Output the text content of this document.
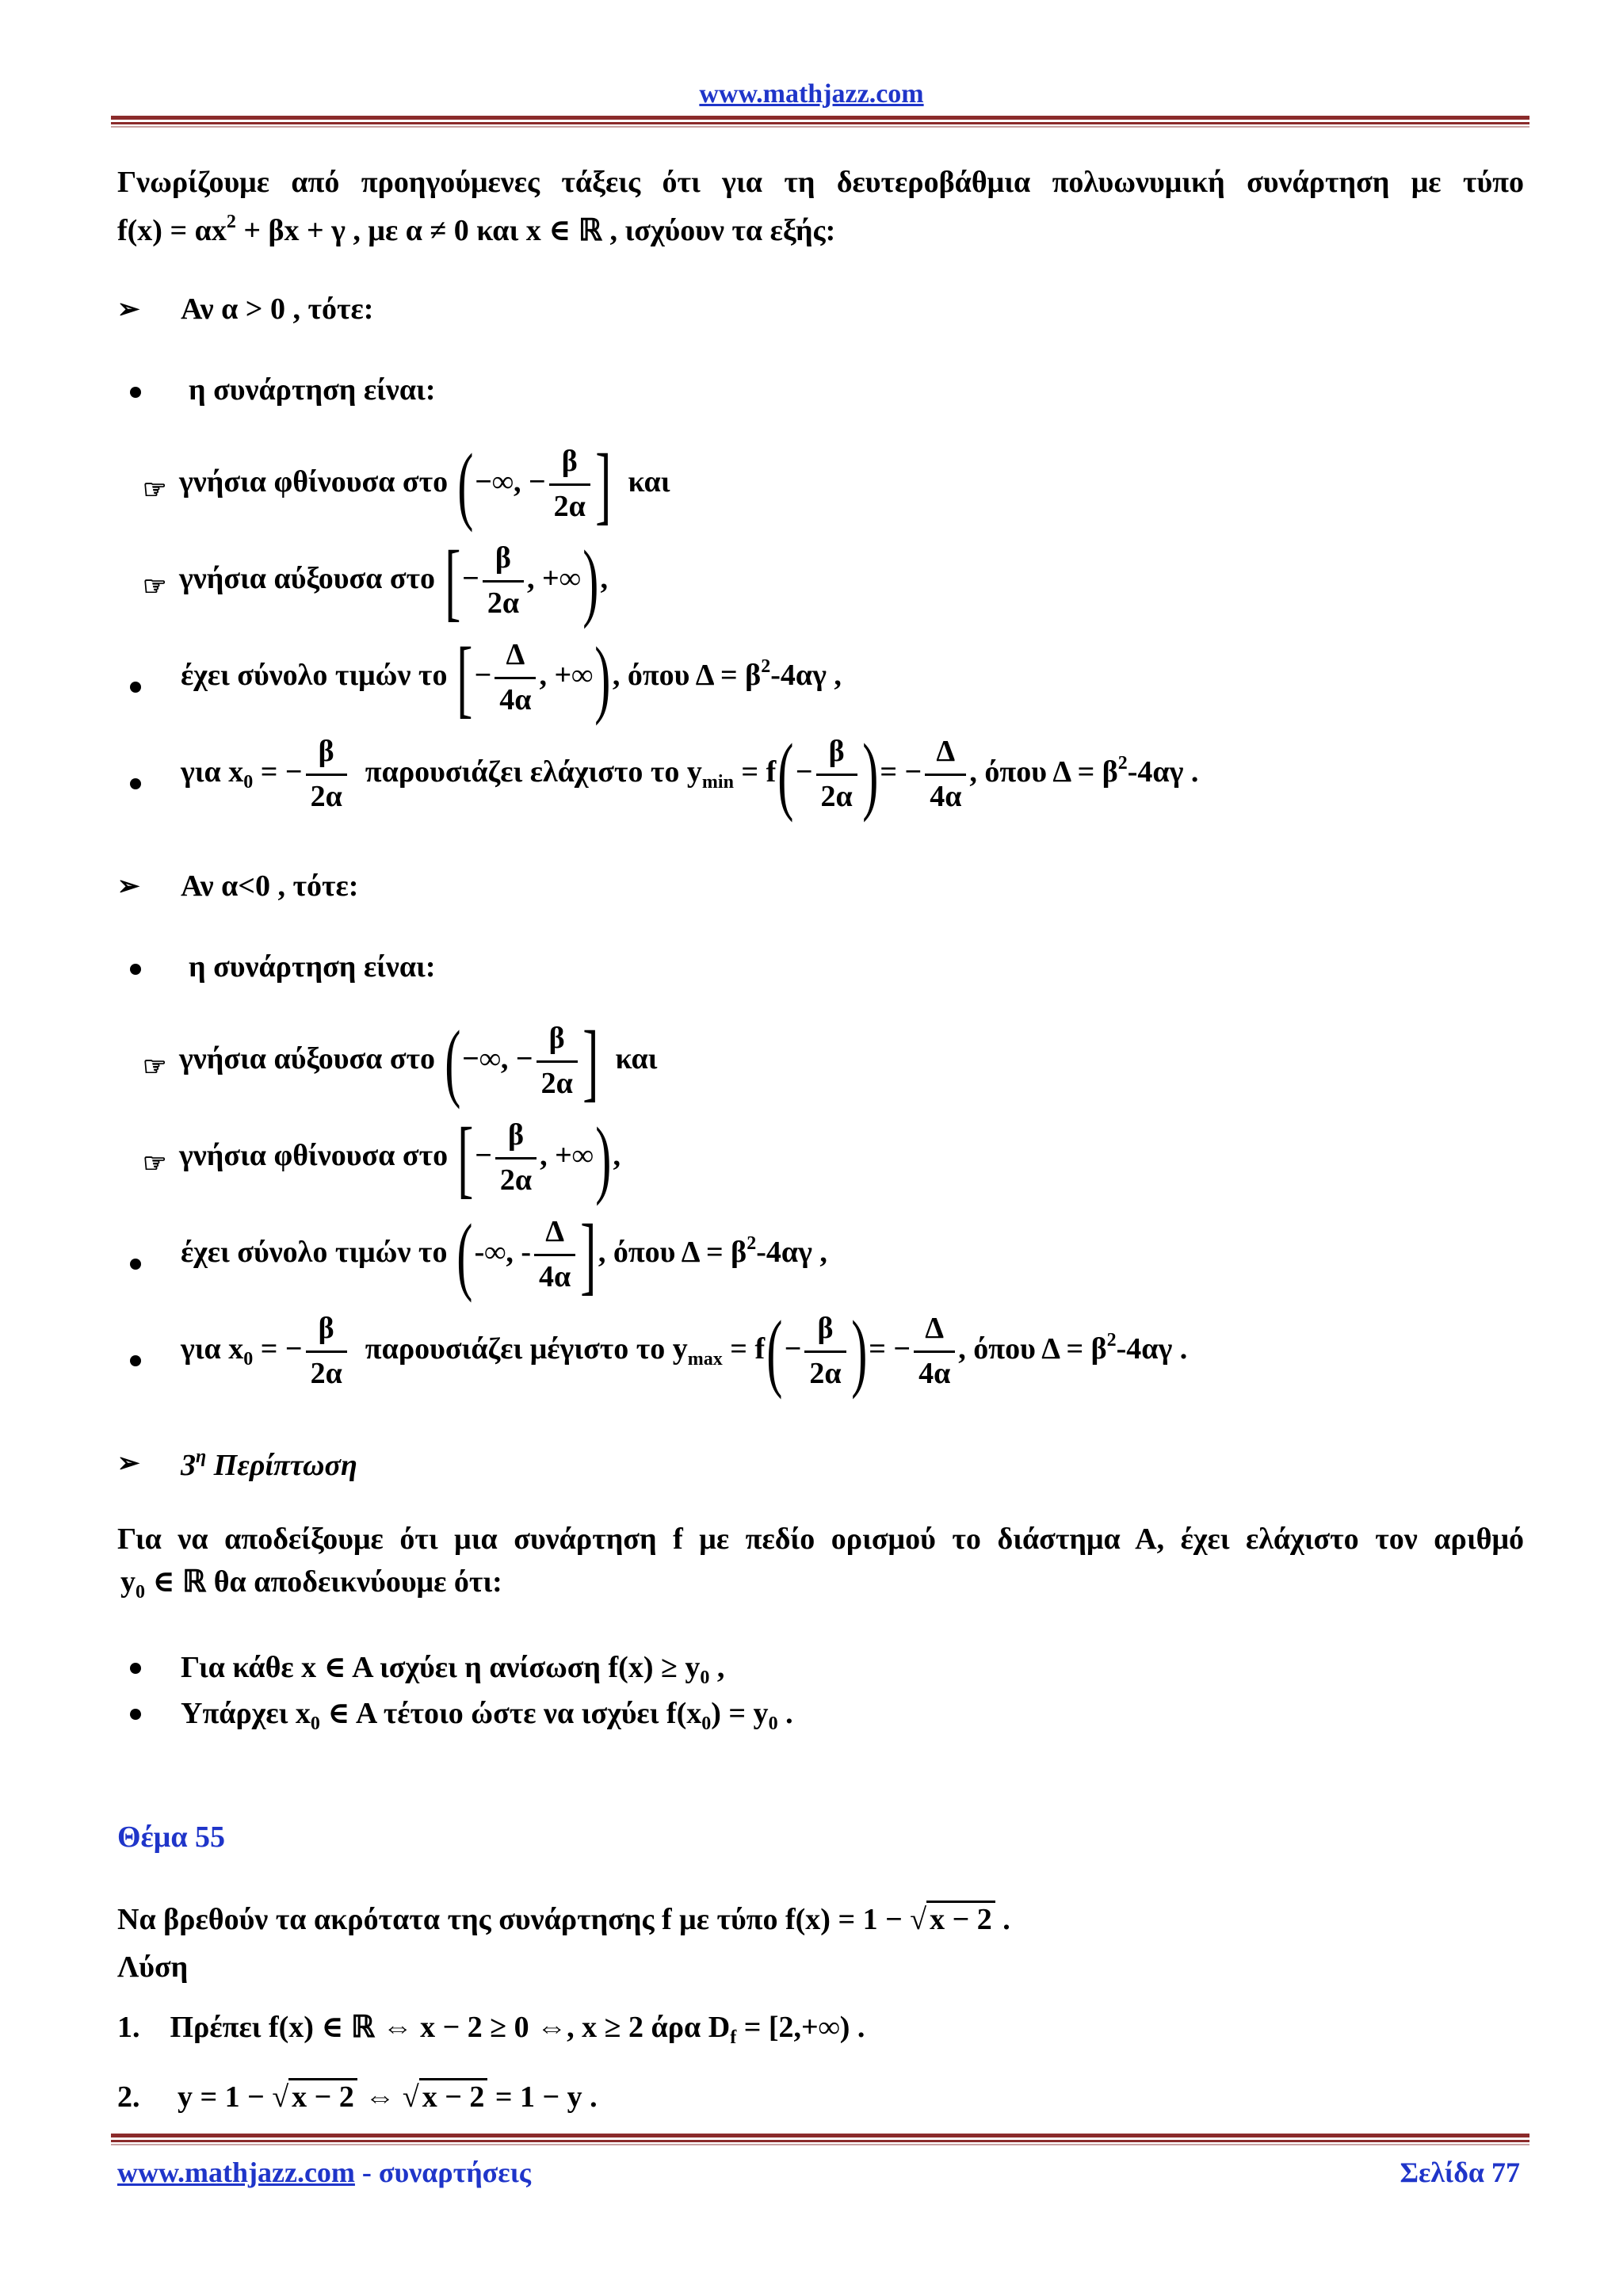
www.mathjazz.com
Γνωρίζουμε από προηγούμενες τάξεις ότι για τη δευτεροβάθμια πολυωνυμική συνάρτηση με τύπο
$f(x) = \alpha x^2 + \beta x + \gamma$ , με α ≠ 0 και x ∈ ℝ , ισχύουν τα εξής:
➢ Αν α > 0 , τότε:
η συνάρτηση είναι:
☞ γνήσια φθίνουσα στο (−∞, − $\frac{\beta}{2\alpha}$ ] και
☞ γνήσια αύξουσα στο [− $\frac{\beta}{2\alpha}$ , +∞),
έχει σύνολο τιμών το [− $\frac{\Delta}{4\alpha}$ , +∞), όπου $\Delta = \beta^2-4\alpha\gamma$ ,
για $x_0$ = − $\frac{\beta}{2\alpha}$ παρουσιάζει ελάχιστο το $y_{min} = f(- \frac{\beta}{2\alpha}$ )= − $\frac{\Delta}{4\alpha}$ , όπου $\Delta = \beta^2-4\alpha\gamma$ .
➢ Αν α<0 , τότε:
η συνάρτηση είναι:
☞ γνήσια αύξουσα στο (−∞, − $\frac{\beta}{2\alpha}$ ] και
☞ γνήσια φθίνουσα στο [− $\frac{\beta}{2\alpha}$ , +∞),
έχει σύνολο τιμών το (-∞, - $\frac{\Delta}{4\alpha}$ ], όπου $\Delta = \beta^2-4\alpha\gamma$ ,
για $x_0$ = − $\frac{\beta}{2\alpha}$ παρουσιάζει μέγιστο το $y_{max} = f(- \frac{\beta}{2\alpha}$ )= − $\frac{\Delta}{4\alpha}$ , όπου $\Delta = \beta^2-4\alpha\gamma$ .
➢ $3^\eta$ Περίπτωση
Για να αποδείξουμε ότι μια συνάρτηση f με πεδίο ορισμού το διάστημα Α, έχει ελάχιστο τον αριθμό
$y_0$ ∈ ℝ θα αποδεικνύουμε ότι:
Για κάθε x ∈ A ισχύει η ανίσωση $f(x) \ge y_0$ ,
Υπάρχει $x_0$ ∈ A τέτοιο ώστε να ισχύει $f(x_0) = y_0$ .
Θέμα 55
Να βρεθούν τα ακρότατα της συνάρτησης f με τύπο f(x) = 1 − √ x − 2 .
Λύση
1. Πρέπει f(x) ∈ ℝ ⇔ x − 2 ≥ 0 ⇔, x ≥ 2 άρα $D_f = [2,+\infty)$ .
2. y = 1 − √ x − 2 ⇔ √ x − 2 = 1 − y .
www.mathjazz.com - συναρτήσεις	Σελίδα 77
